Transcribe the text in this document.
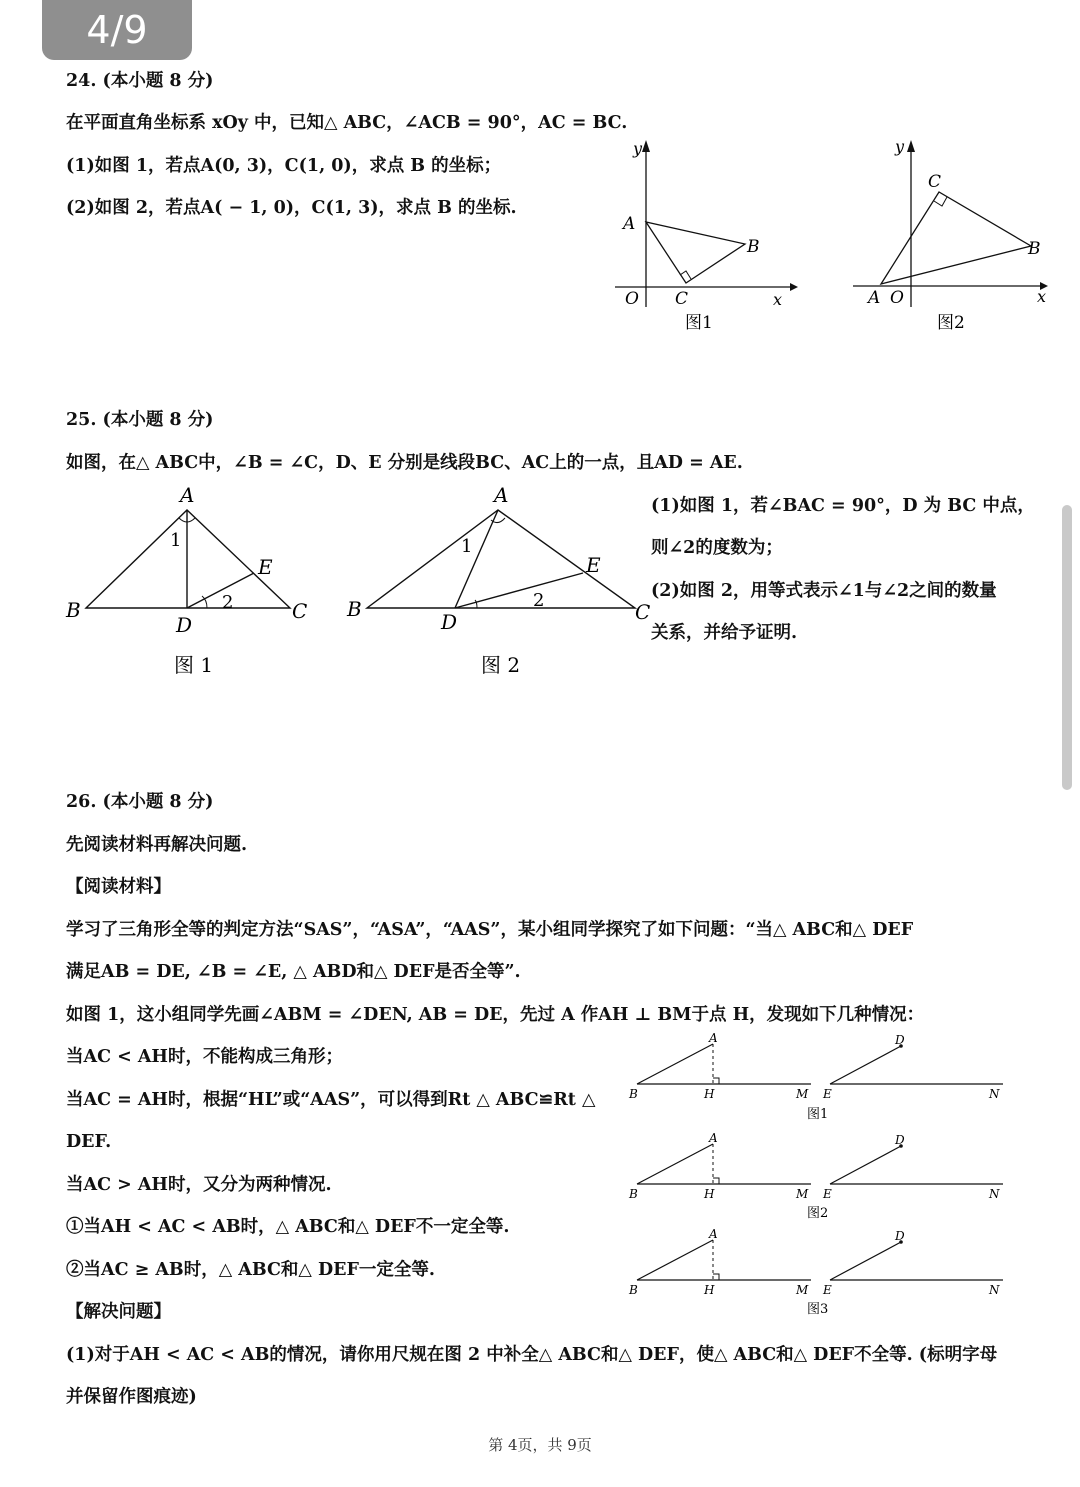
4/9
24. (本小题 8 分)
在平面直角坐标系 xOy 中，已知△ ABC，∠ACB = 90°，AC = BC.
(1)如图 1，若点A(0, 3)，C(1, 0)，求点 B 的坐标；
(2)如图 2，若点A( − 1, 0)，C(1, 3)，求点 B 的坐标.
y
x
O
A
B
C
图1
y
x
O
A
B
C
图2
25. (本小题 8 分)
如图，在△ ABC中，∠B = ∠C，D、E 分别是线段BC、AC上的一点，且AD = AE.
A
B	C
D
E
1
2
图 1
A
B	C
D
E
1
2
图 2
(1)如图 1，若∠BAC = 90°，D 为 BC 中点，
则∠2的度数为；
(2)如图 2，用等式表示∠1与∠2之间的数量
关系，并给予证明.
26. (本小题 8 分)
先阅读材料再解决问题.
【阅读材料】
学习了三角形全等的判定方法“SAS”，“ASA”，“AAS”，某小组同学探究了如下问题：“当△ ABC和△ DEF
满足AB = DE, ∠B = ∠E, △ ABD和△ DEF是否全等”.
如图 1，这小组同学先画∠ABM = ∠DEN, AB = DE，先过 A 作AH ⊥ BM于点 H，发现如下几种情况：
当AC < AH时，不能构成三角形；
当AC = AH时，根据“HL”或“AAS”，可以得到Rt △ ABC≌Rt △
DEF.
当AC > AH时，又分为两种情况.
①当AH < AC < AB时，△ ABC和△ DEF不一定全等.
②当AC ≥ AB时，△ ABC和△ DEF一定全等.
【解决问题】
(1)对于AH < AC < AB的情况，请你用尺规在图 2 中补全△ ABC和△ DEF，使△ ABC和△ DEF不全等. (标明字母
并保留作图痕迹)
A
B	H	M
D
E	N
图1
A
B	H	M
D
E	N
图2
A
B	H	M
D
E	N
图3
第 4页，共 9页
